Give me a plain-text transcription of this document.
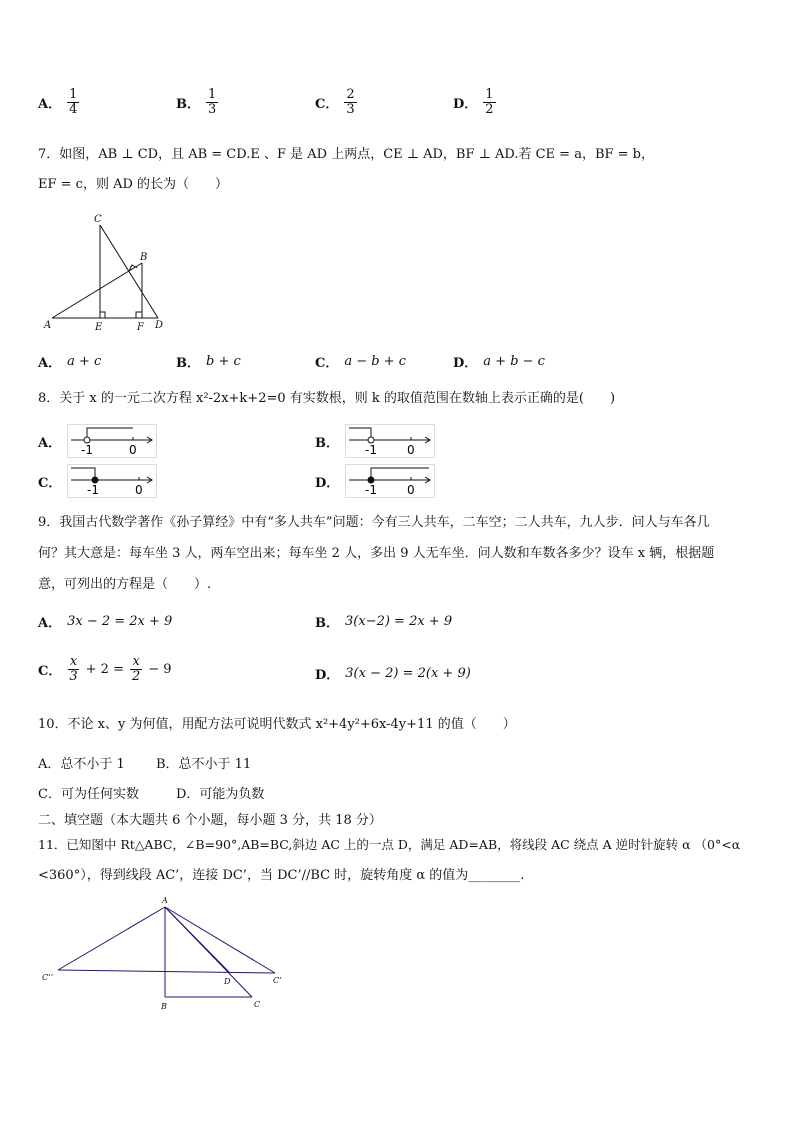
A． $\frac{1}{4}$	B． $\frac{1}{3}$	C． $\frac{2}{3}$	D． $\frac{1}{2}$
7．如图，AB ⊥ CD，且 AB = CD.E 、F 是 AD 上两点，CE ⊥ AD，BF ⊥ AD.若 CE = a，BF = b，
EF = c，则 AD 的长为（　　）
C
B
A	E	F D
A． a + c	B． b + c	C． a − b + c	D． a + b − c
8．关于 x 的一元二次方程 x²-2x+k+2=0 有实数根，则 k 的取值范围在数轴上表示正确的是(　　)
A． -1	0	B． -1	0
C． -1	0	D． -1	0
9．我国古代数学著作《孙子算经》中有“多人共车”问题：今有三人共车，二车空；二人共车，九人步．问人与车各几
何？其大意是：每车坐 3 人，两车空出来；每车坐 2 人，多出 9 人无车坐．问人数和车数各多少？设车 x 辆，根据题
意，可列出的方程是（　　）.
A． 3x − 2 = 2x + 9	B． 3(x−2) = 2x + 9
C． $\frac{x}{3} + 2 = \frac{x}{2} - 9$	D． 3(x − 2) = 2(x + 9)
10．不论 x、y 为何值，用配方法可说明代数式 x²+4y²+6x-4y+11 的值（　　）
A．总不小于 1 B．总不小于 11
C．可为任何实数	D．可能为负数
二、填空题（本大题共 6 个小题，每小题 3 分，共 18 分）
11．已知图中 Rt△ABC，∠B=90°,AB=BC,斜边 AC 上的一点 D，满足 AD=AB，将线段 AC 绕点 A 逆时针旋转 α （0°<α
<360°），得到线段 AC’，连接 DC’，当 DC’//BC 时，旋转角度 α 的值为________.
A
C’’	C’
D
B	C
